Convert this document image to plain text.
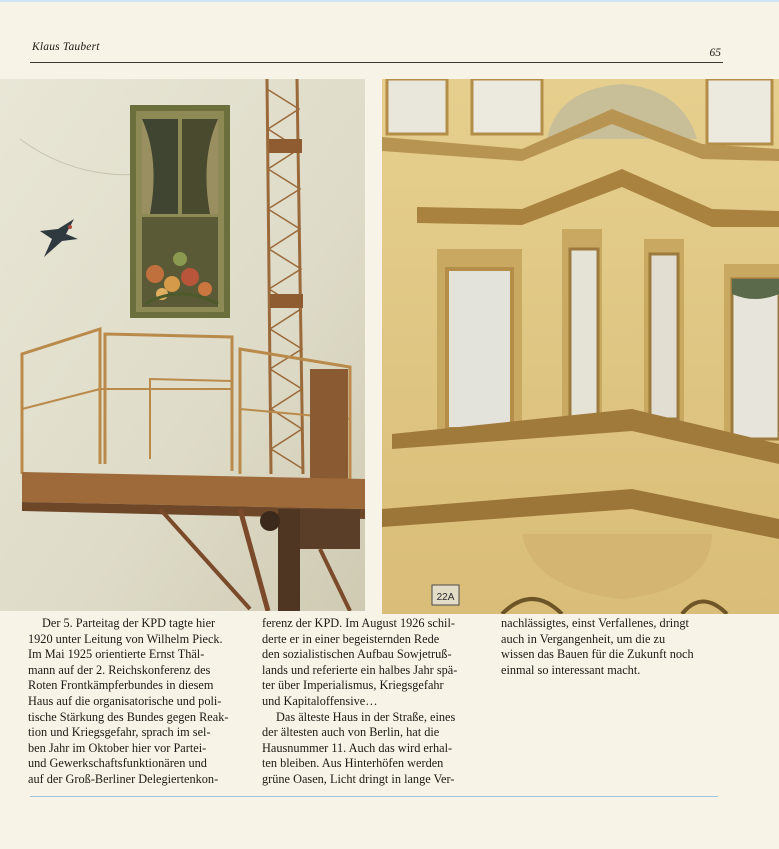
Klaus Taubert	65
22A

Der 5. Parteitag der KPD tagte hier
1920 unter Leitung von Wilhelm Pieck.
Im Mai 1925 orientierte Ernst Thäl-
mann auf der 2. Reichskonferenz des
Roten Frontkämpferbundes in diesem
Haus auf die organisatorische und poli-
tische Stärkung des Bundes gegen Reak-
tion und Kriegsgefahr, sprach im sel-
ben Jahr im Oktober hier vor Partei-
und Gewerkschaftsfunktionären und
auf der Groß-Berliner Delegiertenkon-

ferenz der KPD. Im August 1926 schil-
derte er in einer begeisternden Rede
den sozialistischen Aufbau Sowjetruß-
lands und referierte ein halbes Jahr spä-
ter über Imperialismus, Kriegsgefahr
und Kapitaloffensive…

Das älteste Haus in der Straße, eines
der ältesten auch von Berlin, hat die
Hausnummer 11. Auch das wird erhal-
ten bleiben. Aus Hinterhöfen werden
grüne Oasen, Licht dringt in lange Ver-

nachlässigtes, einst Verfallenes, dringt
auch in Vergangenheit, um die zu
wissen das Bauen für die Zukunft noch
einmal so interessant macht.
